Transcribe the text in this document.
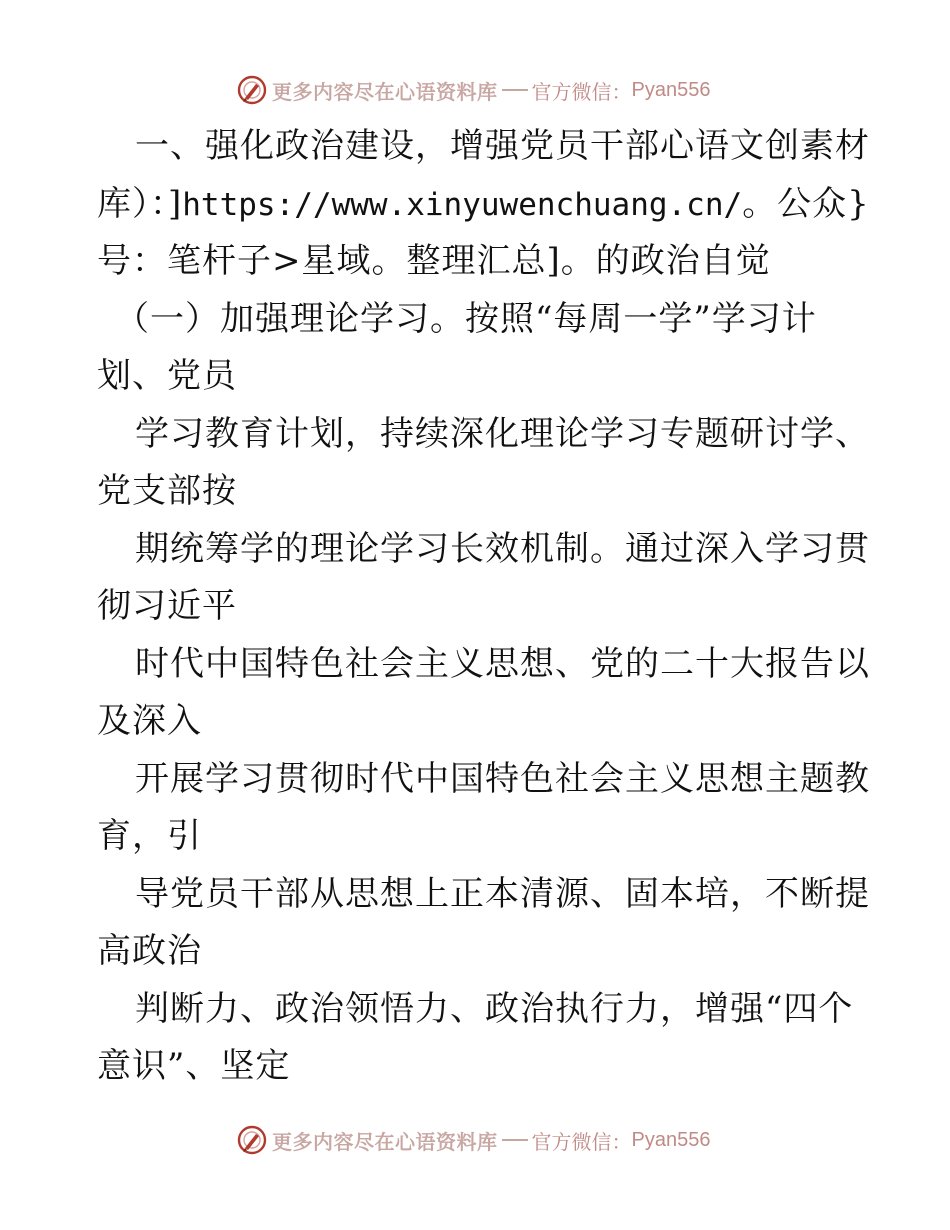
更多内容尽在心语资料库 官方微信： Pyan556
一、强化政治建设，增强党员干部心语文创素材
库）：]https://www.xinyuwenchuang.cn/。公众}
号：笔杆子>星域。整理汇总]。的政治自觉
（一）加强理论学习。按照“每周一学”学习计
划、党员
学习教育计划，持续深化理论学习专题研讨学、
党支部按
期统筹学的理论学习长效机制。通过深入学习贯
彻习近平
时代中国特色社会主义思想、党的二十大报告以
及深入
开展学习贯彻时代中国特色社会主义思想主题教
育，引
导党员干部从思想上正本清源、固本培，不断提
高政治
判断力、政治领悟力、政治执行力，增强“四个
意识”、坚定
更多内容尽在心语资料库 官方微信： Pyan556
